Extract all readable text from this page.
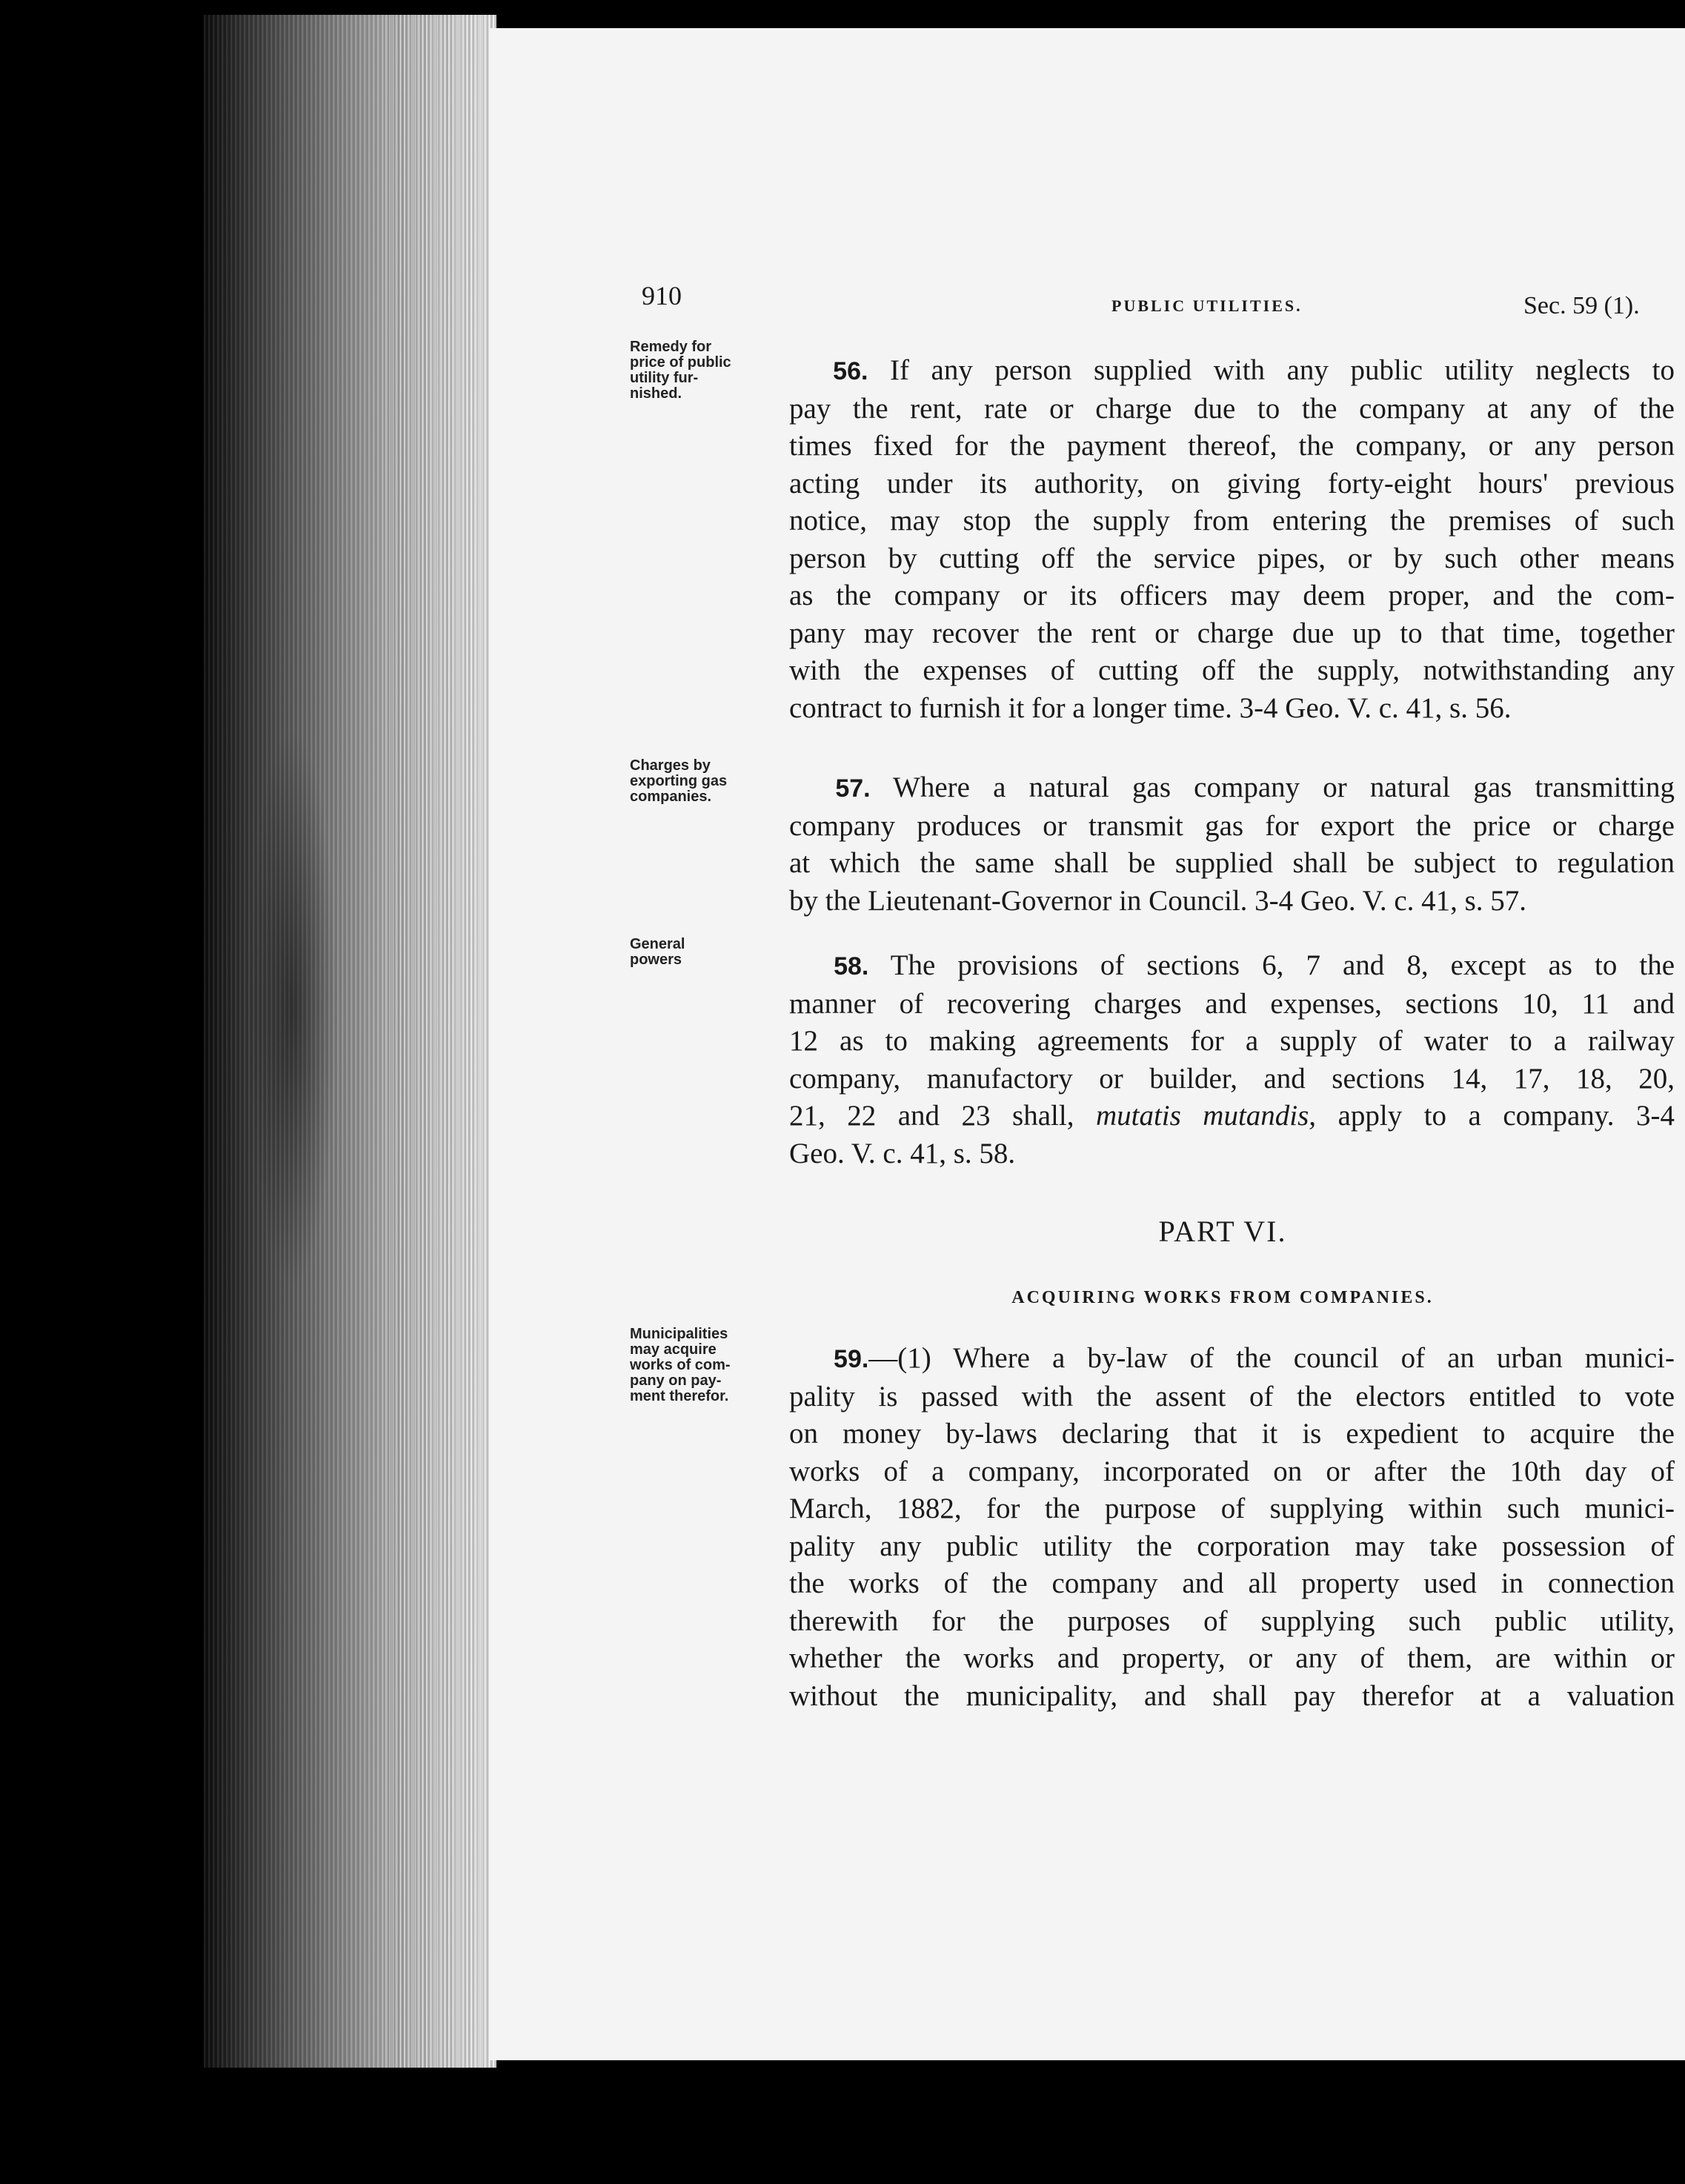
910	PUBLIC UTILITIES.	Sec. 59 (1).
Remedy for
price of public
utility fur-
nished.
56. If any person supplied with any public utility neglects to
pay the rent, rate or charge due to the company at any of the
times fixed for the payment thereof, the company, or any person
acting under its authority, on giving forty-eight hours' previous
notice, may stop the supply from entering the premises of such
person by cutting off the service pipes, or by such other means
as the company or its officers may deem proper, and the com-
pany may recover the rent or charge due up to that time, together
with the expenses of cutting off the supply, notwithstanding any
contract to furnish it for a longer time. 3-4 Geo. V. c. 41, s. 56.
Charges by
exporting gas
companies.	57. Where a natural gas company or natural gas transmitting
company produces or transmit gas for export the price or charge
at which the same shall be supplied shall be subject to regulation
by the Lieutenant-Governor in Council. 3-4 Geo. V. c. 41, s. 57.
General
powers	58. The provisions of sections 6, 7 and 8, except as to the
manner of recovering charges and expenses, sections 10, 11 and
12 as to making agreements for a supply of water to a railway
company, manufactory or builder, and sections 14, 17, 18, 20,
21, 22 and 23 shall, mutatis mutandis, apply to a company. 3-4
Geo. V. c. 41, s. 58.
PART VI.
ACQUIRING WORKS FROM COMPANIES.
Municipalities
may acquire
works of com-
pany on pay-
ment therefor.
59.—(1) Where a by-law of the council of an urban munici-
pality is passed with the assent of the electors entitled to vote
on money by-laws declaring that it is expedient to acquire the
works of a company, incorporated on or after the 10th day of
March, 1882, for the purpose of supplying within such munici-
pality any public utility the corporation may take possession of
the works of the company and all property used in connection
therewith for the purposes of supplying such public utility,
whether the works and property, or any of them, are within or
without the municipality, and shall pay therefor at a valuation
